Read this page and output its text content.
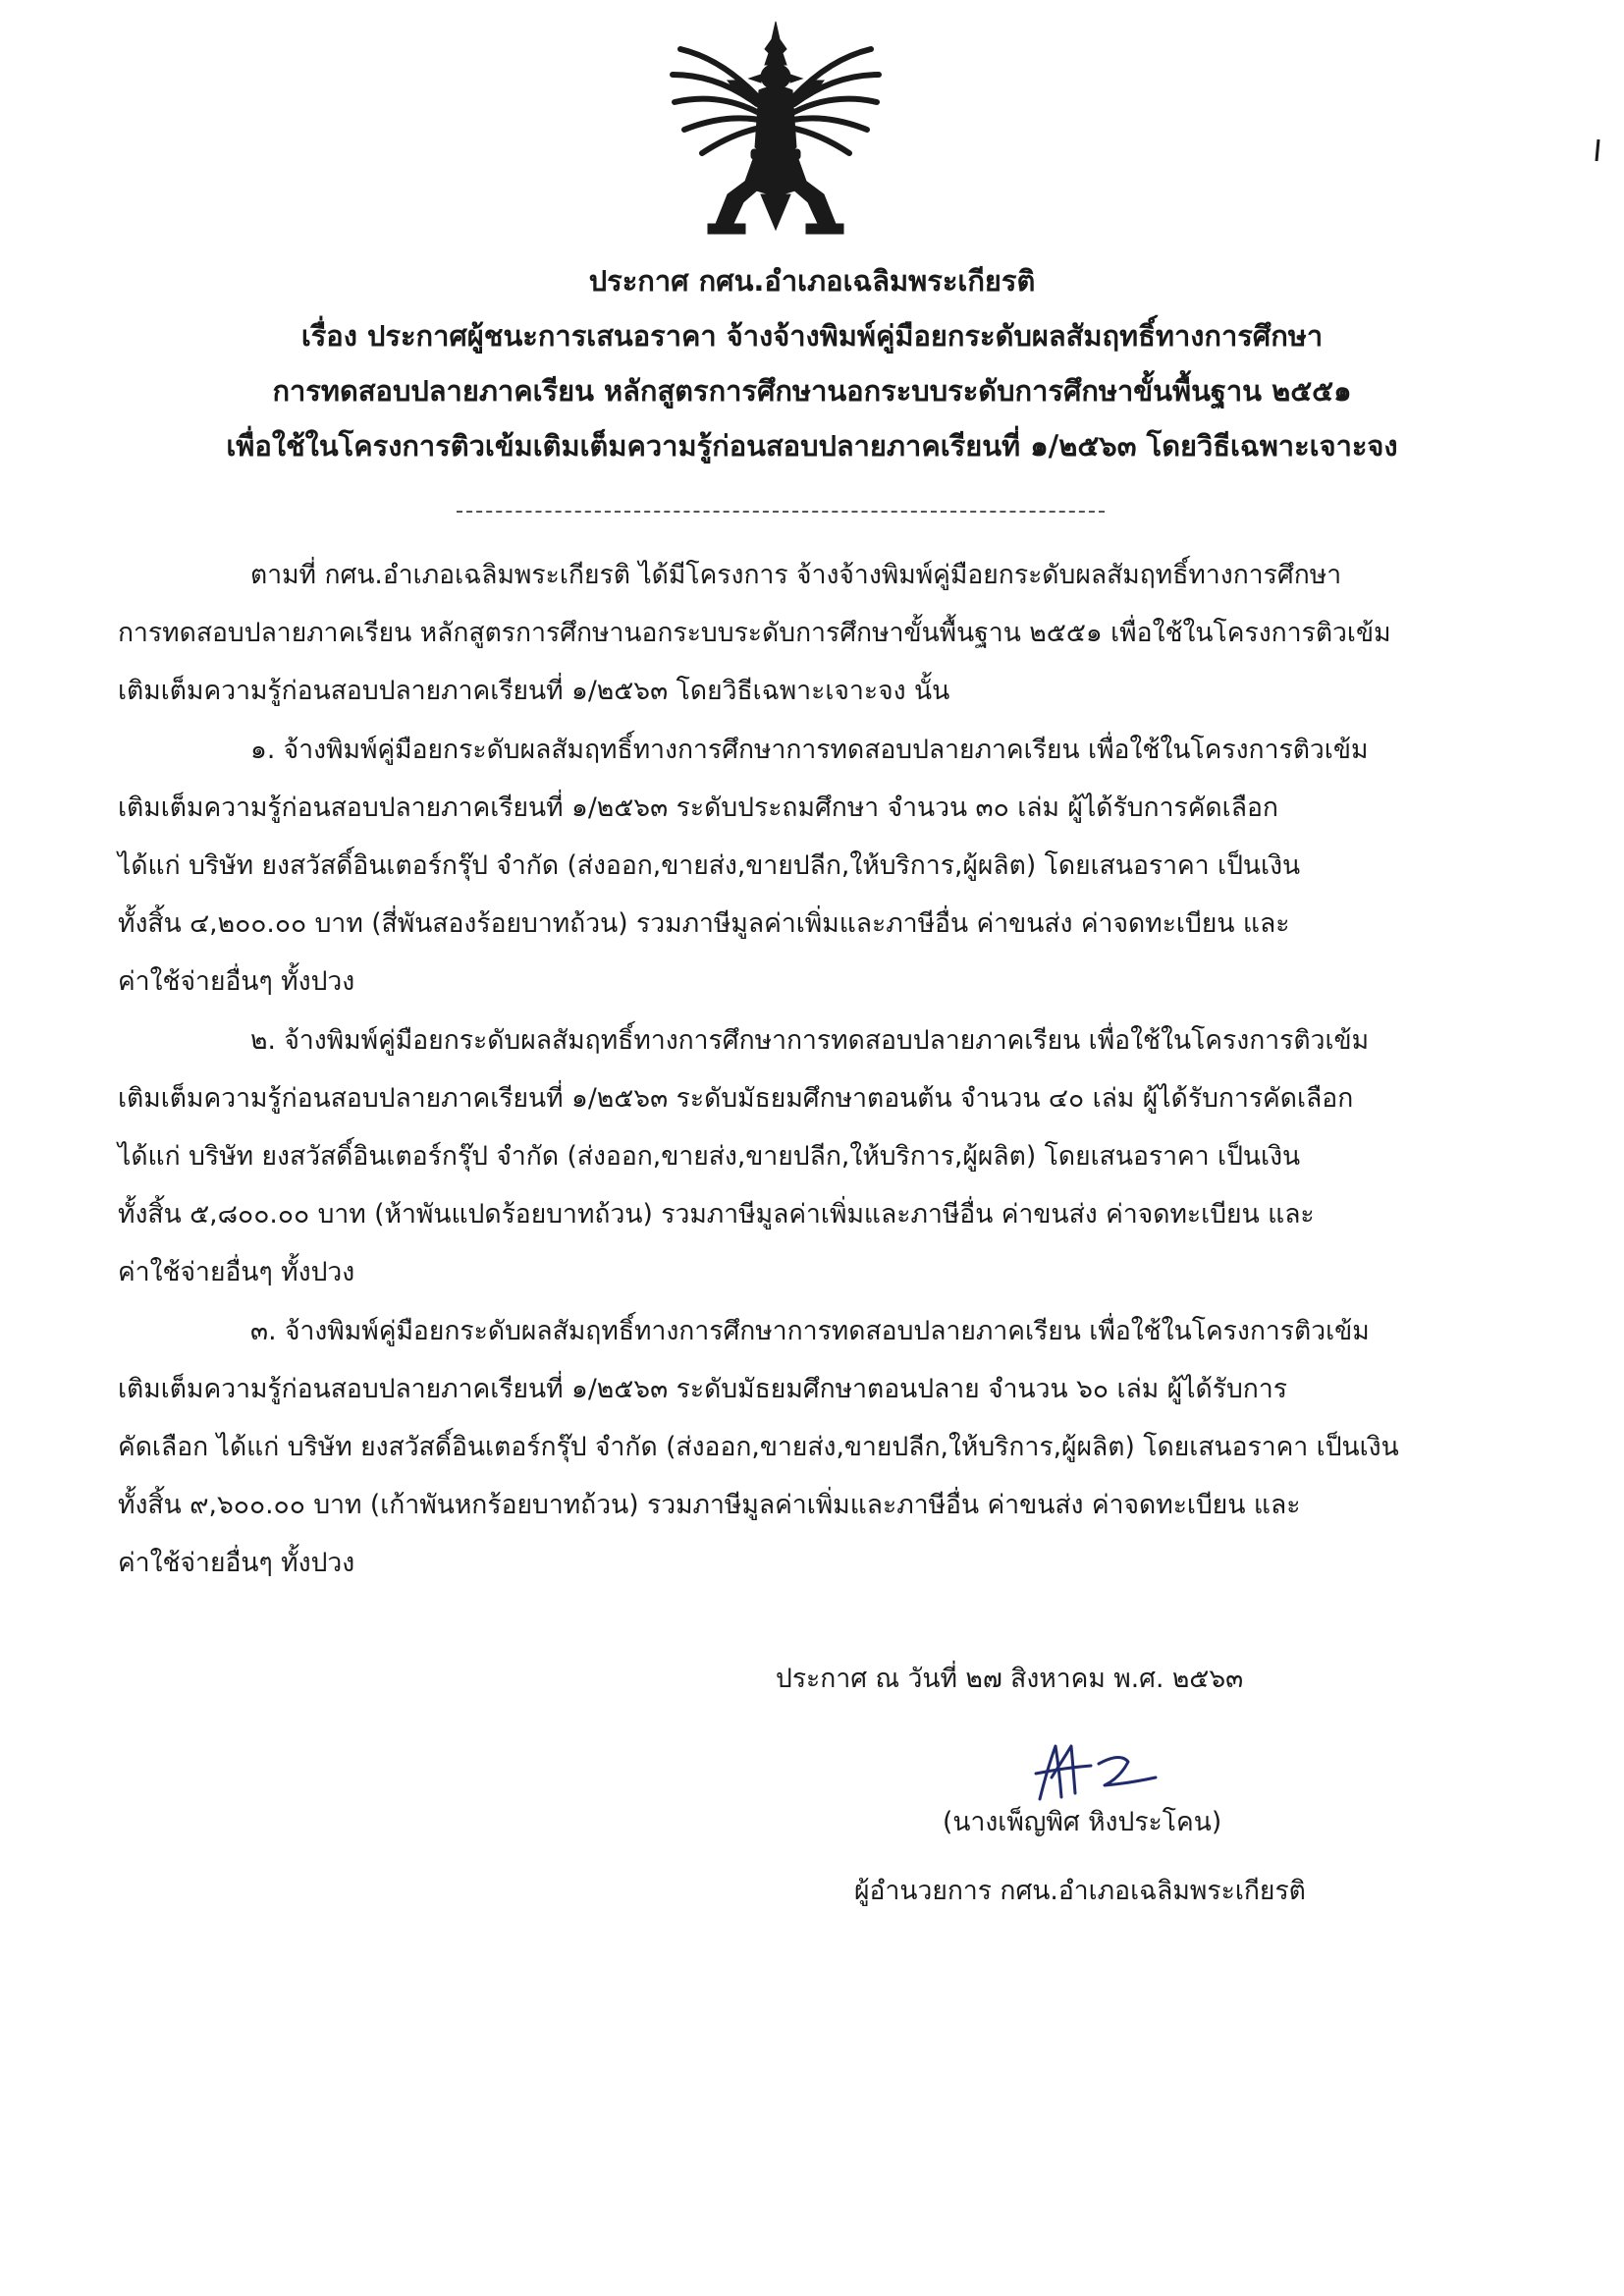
ประกาศ กศน.อำเภอเฉลิมพระเกียรติ
เรื่อง ประกาศผู้ชนะการเสนอราคา จ้างจ้างพิมพ์คู่มือยกระดับผลสัมฤทธิ์ทางการศึกษา
การทดสอบปลายภาคเรียน หลักสูตรการศึกษานอกระบบระดับการศึกษาขั้นพื้นฐาน ๒๕๕๑
เพื่อใช้ในโครงการติวเข้มเติมเต็มความรู้ก่อนสอบปลายภาคเรียนที่ ๑/๒๕๖๓ โดยวิธีเฉพาะเจาะจง
ตามที่ กศน.อำเภอเฉลิมพระเกียรติ ได้มีโครงการ จ้างจ้างพิมพ์คู่มือยกระดับผลสัมฤทธิ์ทางการศึกษา
การทดสอบปลายภาคเรียน หลักสูตรการศึกษานอกระบบระดับการศึกษาขั้นพื้นฐาน ๒๕๕๑ เพื่อใช้ในโครงการติวเข้ม
เติมเต็มความรู้ก่อนสอบปลายภาคเรียนที่ ๑/๒๕๖๓ โดยวิธีเฉพาะเจาะจง นั้น
๑. จ้างพิมพ์คู่มือยกระดับผลสัมฤทธิ์ทางการศึกษาการทดสอบปลายภาคเรียน เพื่อใช้ในโครงการติวเข้ม
เติมเต็มความรู้ก่อนสอบปลายภาคเรียนที่ ๑/๒๕๖๓ ระดับประถมศึกษา จำนวน ๓๐ เล่ม ผู้ได้รับการคัดเลือก
ได้แก่ บริษัท ยงสวัสดิ์อินเตอร์กรุ๊ป จำกัด (ส่งออก,ขายส่ง,ขายปลีก,ให้บริการ,ผู้ผลิต) โดยเสนอราคา เป็นเงิน
ทั้งสิ้น ๔,๒๐๐.๐๐ บาท (สี่พันสองร้อยบาทถ้วน) รวมภาษีมูลค่าเพิ่มและภาษีอื่น ค่าขนส่ง ค่าจดทะเบียน และ
ค่าใช้จ่ายอื่นๆ ทั้งปวง
๒. จ้างพิมพ์คู่มือยกระดับผลสัมฤทธิ์ทางการศึกษาการทดสอบปลายภาคเรียน เพื่อใช้ในโครงการติวเข้ม
เติมเต็มความรู้ก่อนสอบปลายภาคเรียนที่ ๑/๒๕๖๓ ระดับมัธยมศึกษาตอนต้น จำนวน ๔๐ เล่ม ผู้ได้รับการคัดเลือก
ได้แก่ บริษัท ยงสวัสดิ์อินเตอร์กรุ๊ป จำกัด (ส่งออก,ขายส่ง,ขายปลีก,ให้บริการ,ผู้ผลิต) โดยเสนอราคา เป็นเงิน
ทั้งสิ้น ๕,๘๐๐.๐๐ บาท (ห้าพันแปดร้อยบาทถ้วน) รวมภาษีมูลค่าเพิ่มและภาษีอื่น ค่าขนส่ง ค่าจดทะเบียน และ
ค่าใช้จ่ายอื่นๆ ทั้งปวง
๓. จ้างพิมพ์คู่มือยกระดับผลสัมฤทธิ์ทางการศึกษาการทดสอบปลายภาคเรียน เพื่อใช้ในโครงการติวเข้ม
เติมเต็มความรู้ก่อนสอบปลายภาคเรียนที่ ๑/๒๕๖๓ ระดับมัธยมศึกษาตอนปลาย จำนวน ๖๐ เล่ม ผู้ได้รับการ
คัดเลือก ได้แก่ บริษัท ยงสวัสดิ์อินเตอร์กรุ๊ป จำกัด (ส่งออก,ขายส่ง,ขายปลีก,ให้บริการ,ผู้ผลิต) โดยเสนอราคา เป็นเงิน
ทั้งสิ้น ๙,๖๐๐.๐๐ บาท (เก้าพันหกร้อยบาทถ้วน) รวมภาษีมูลค่าเพิ่มและภาษีอื่น ค่าขนส่ง ค่าจดทะเบียน และ
ค่าใช้จ่ายอื่นๆ ทั้งปวง
ประกาศ ณ วันที่ ๒๗ สิงหาคม พ.ศ. ๒๕๖๓
(นางเพ็ญพิศ หิงประโคน)
ผู้อำนวยการ กศน.อำเภอเฉลิมพระเกียรติ
